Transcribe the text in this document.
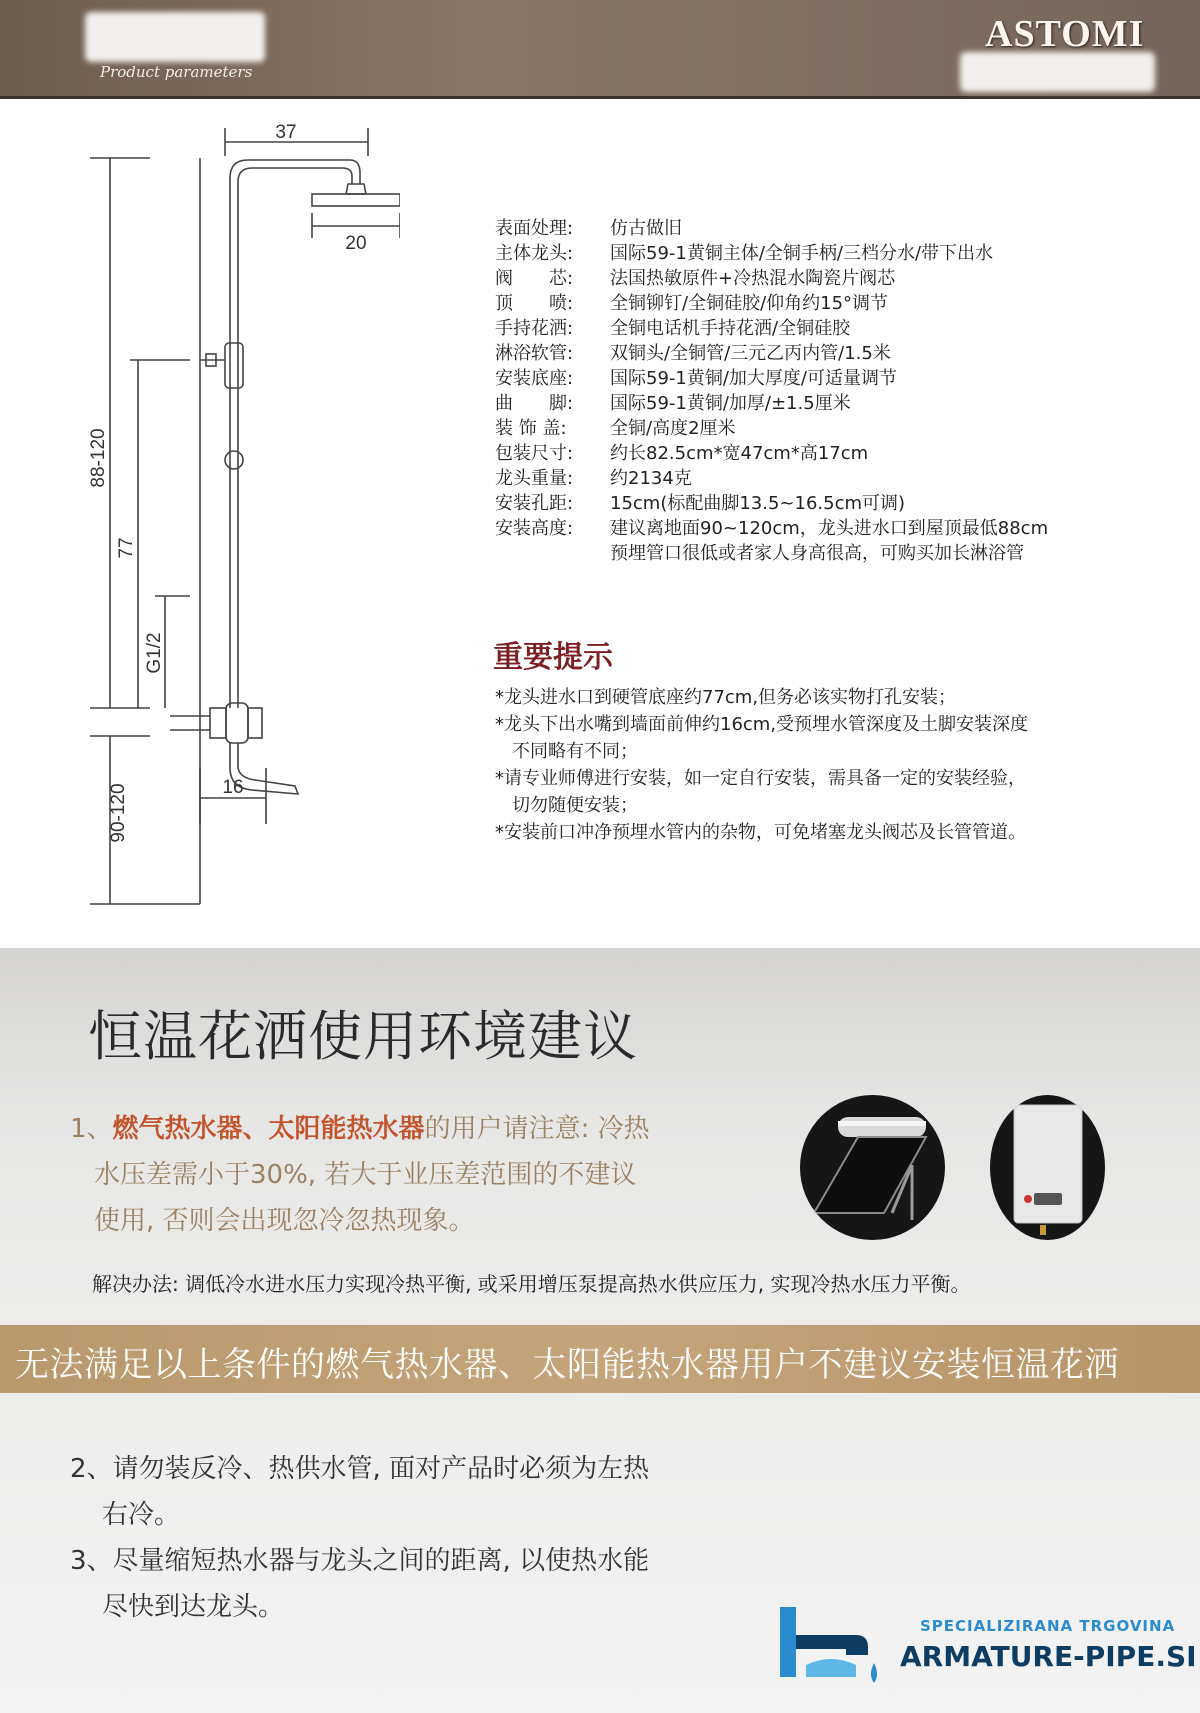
Product parameters
ASTOMI
37
20
88-120
77
G1/2
90-120	16
表面处理:	仿古做旧
主体龙头:	国际59-1黄铜主体/全铜手柄/三档分水/带下出水
阀　　芯:	法国热敏原件+冷热混水陶瓷片阀芯
顶　　喷:	全铜铆钉/全铜硅胶/仰角约15°调节
手持花洒:	全铜电话机手持花洒/全铜硅胶
淋浴软管:	双铜头/全铜管/三元乙丙内管/1.5米
安装底座:	国际59-1黄铜/加大厚度/可适量调节
曲　　脚:	国际59-1黄铜/加厚/±1.5厘米
装 饰 盖:	全铜/高度2厘米
包装尺寸:	约长82.5cm*宽47cm*高17cm
龙头重量:	约2134克
安装孔距:	15cm(标配曲脚13.5~16.5cm可调)
安装高度:	建议离地面90~120cm，龙头进水口到屋顶最低88cm
预埋管口很低或者家人身高很高，可购买加长淋浴管
重要提示
*龙头进水口到硬管底座约77cm,但务必该实物打孔安装；
*龙头下出水嘴到墙面前伸约16cm,受预埋水管深度及土脚安装深度
不同略有不同；
*请专业师傅进行安装，如一定自行安装，需具备一定的安装经验，
切勿随便安装；
*安装前口冲净预埋水管内的杂物，可免堵塞龙头阀芯及长管管道。
恒温花洒使用环境建议
1、燃气热水器、太阳能热水器的用户请注意: 冷热
水压差需小于30%, 若大于业压差范围的不建议
使用, 否则会出现忽冷忽热现象。
解决办法: 调低冷水进水压力实现冷热平衡, 或采用增压泵提高热水供应压力, 实现冷热水压力平衡。
无法满足以上条件的燃气热水器、太阳能热水器用户不建议安装恒温花洒
2、请勿装反冷、热供水管, 面对产品时必须为左热
右冷。
3、尽量缩短热水器与龙头之间的距离, 以使热水能
尽快到达龙头。
SPECIALIZIRANA TRGOVINA
ARMATURE-PIPE.SI
